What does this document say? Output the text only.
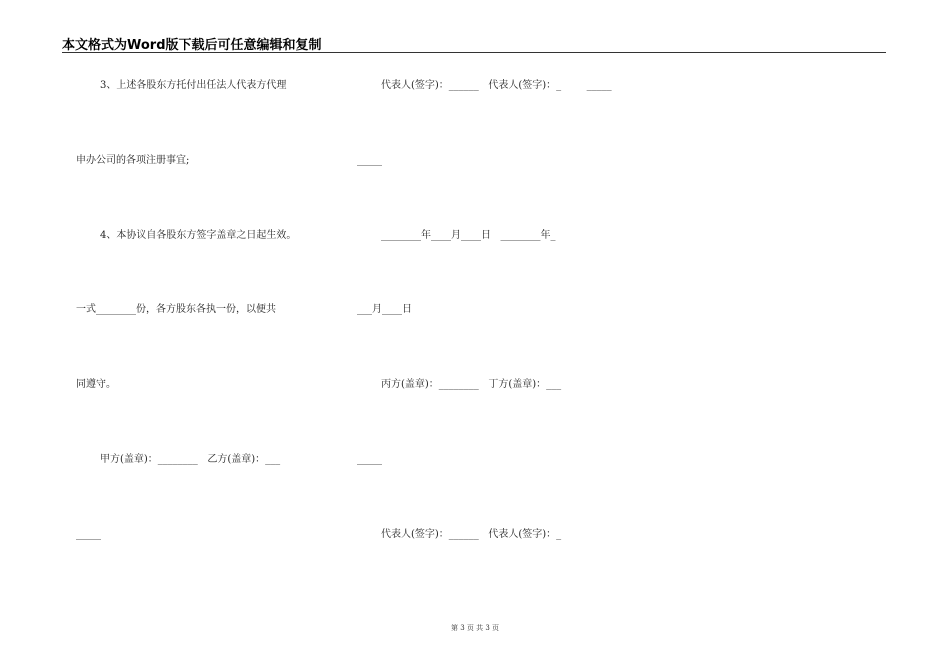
本文格式为Word版下载后可任意编辑和复制
3、上述各股东方托付出任法人代表方代理
申办公司的各项注册事宜;
4、本协议自各股东方签字盖章之日起生效。
一式________份，各方股东各执一份，以便共
同遵守。
甲方(盖章)：________   乙方(盖章)：___
_____
代表人(签字)：______   代表人(签字)：_        _____
_____
________年____月____日   ________年_
___月____日
丙方(盖章)：________   丁方(盖章)：___
_____
代表人(签字)：______   代表人(签字)：_
第 3 页 共 3 页
